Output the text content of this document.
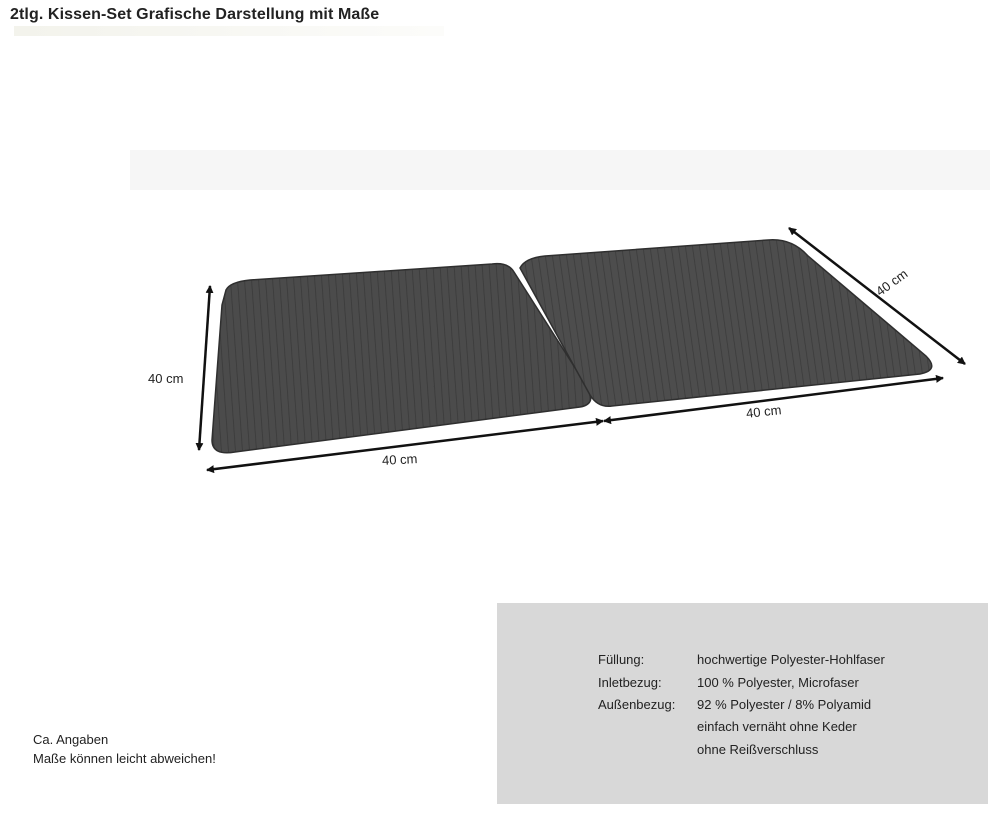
2tlg. Kissen-Set Grafische Darstellung mit Maße
40 cm
40 cm
40 cm
40 cm
Ca. Angaben
Maße können leicht abweichen!
Füllung:	hochwertige Polyester-Hohlfaser
Inletbezug:	100 % Polyester, Microfaser
Außenbezug: 92 % Polyester / 8% Polyamid
einfach vernäht ohne Keder
ohne Reißverschluss
